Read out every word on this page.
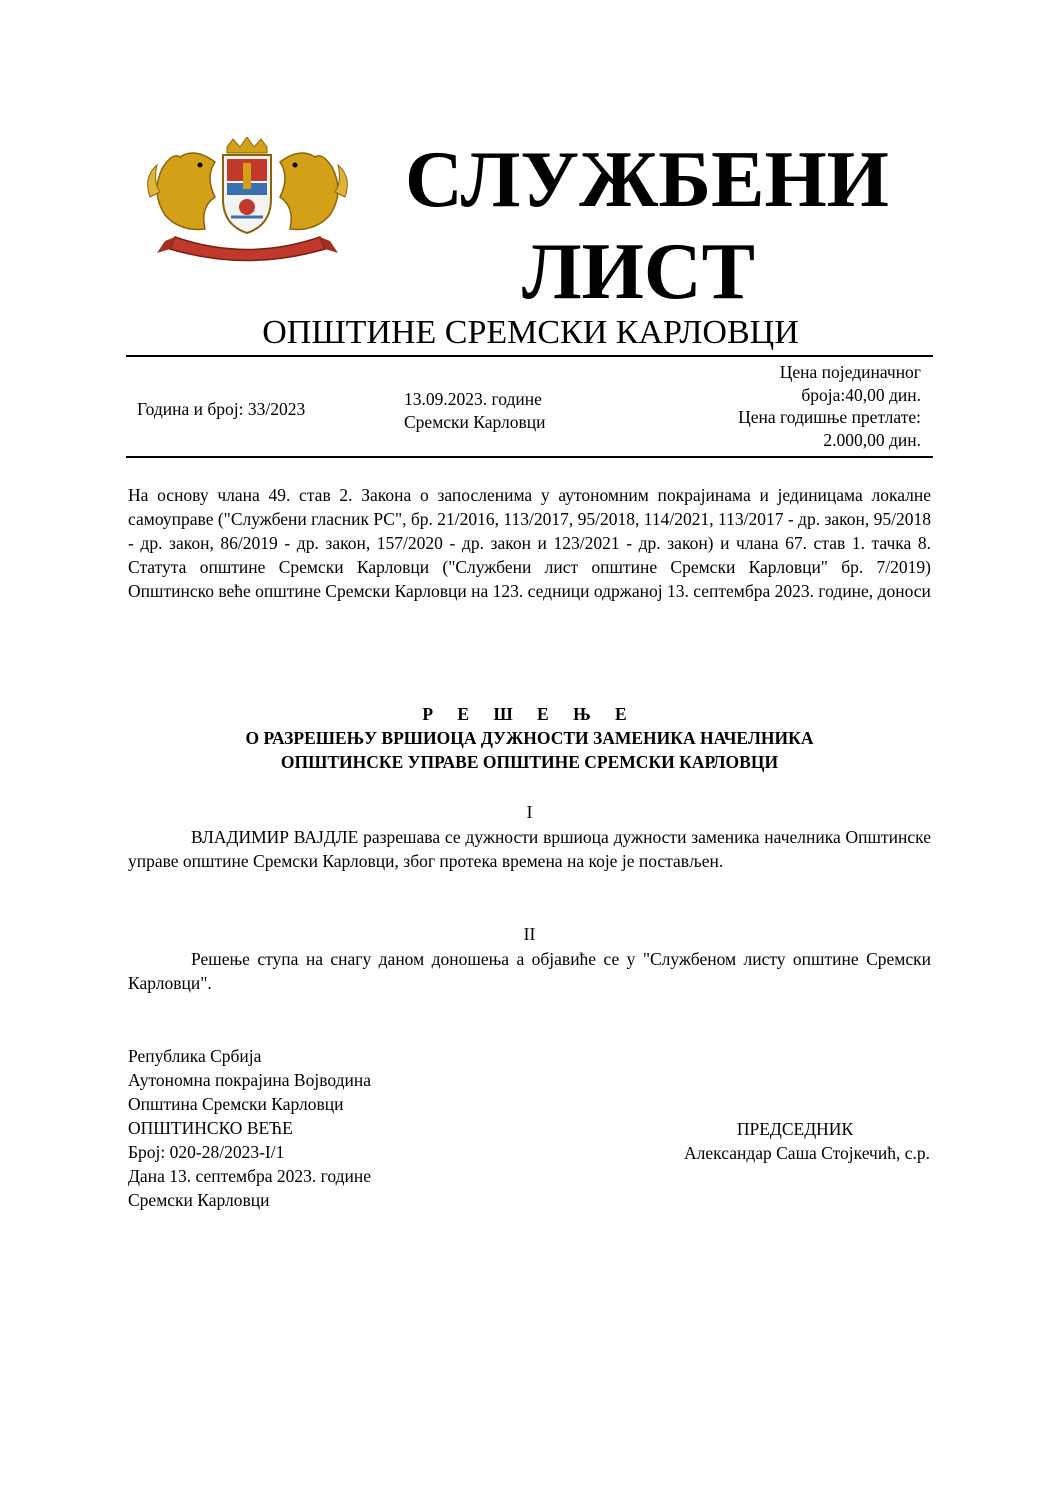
СЛУЖБЕНИ
ЛИСТ
ОПШТИНЕ СРЕМСКИ КАРЛОВЦИ
Година и број: 33/2023	13.09.2023. године
Сремски Карловци
Цена појединачног
броја:40,00 дин.
Цена годишње претлате:
2.000,00 дин.
На основу члана 49. став 2. Закона о запосленима у аутономним покрајинама и јединицама локалне самоуправе ("Службени гласник РС", бр. 21/2016, 113/2017, 95/2018, 114/2021, 113/2017 - др. закон, 95/2018 - др. закон, 86/2019 - др. закон, 157/2020 - др. закон и 123/2021 - др. закон) и члана 67. став 1. тачка 8. Статута општине Сремски Карловци ("Службени лист општине Сремски Карловци" бр. 7/2019) Општинско веће општине Сремски Карловци на 123. седници одржаној 13. септембра 2023. године, доноси
Р Е Ш Е Њ Е
О РАЗРЕШЕЊУ ВРШИОЦА ДУЖНОСТИ ЗАМЕНИКА НАЧЕЛНИКА
ОПШТИНСКЕ УПРАВЕ ОПШТИНЕ СРЕМСКИ КАРЛОВЦИ
I
ВЛАДИМИР ВАЈДЛЕ разрешава се дужности вршиоца дужности заменика начелника Општинске управе општине Сремски Карловци, због протека времена на које је постављен.
II
Решење ступа на снагу даном доношења а објавиће се у "Службеном листу општине Сремски Карловци".
Република Србија
Аутономна покрајина Војводина
Општина Сремски Карловци
ОПШТИНСКО ВЕЋЕ
Број: 020-28/2023-I/1
Дана 13. септембра 2023. године
Сремски Карловци
ПРЕДСЕДНИК
Александар Саша Стојкечић, с.р.
